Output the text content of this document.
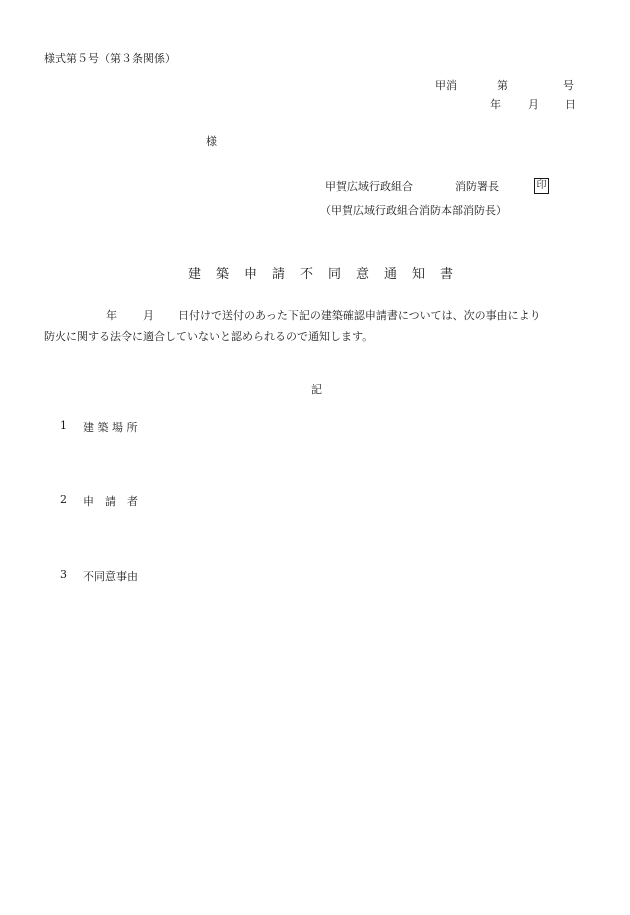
様式第５号（第３条関係）
甲消	第	号
年 月 日
様
甲賀広域行政組合	消防署長	印
（甲賀広域行政組合消防本部消防長）
建　築　申　請　不　同　意　通　知　書
年 月 日付けで送付のあった下記の建築確認申請書については、次の事由により
防火に関する法令に適合していないと認められるので通知します。
記
1 建 築 場 所
2 申　請　者
3 不同意事由
